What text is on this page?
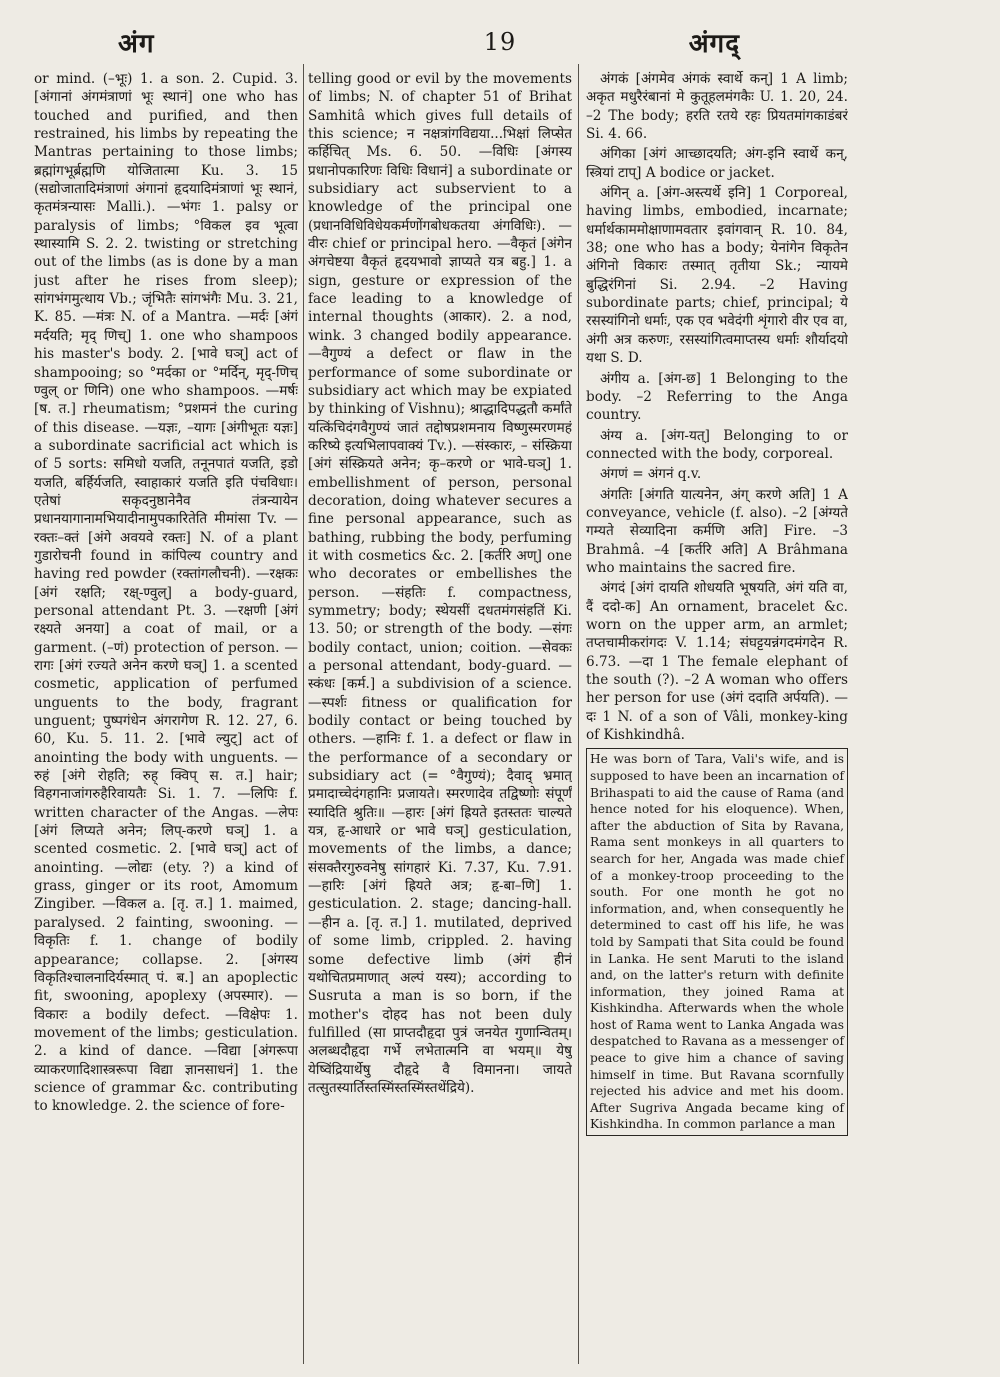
अंग	19	अंगद्

or mind. (–भूः) 1. a son. 2. Cupid. 3. [अंगानां अंगमंत्राणां भूः स्थानं] one who has touched and purified, and then restrained, his limbs by repeating the Mantras pertaining to those limbs; ब्रह्मांगभूर्ब्रह्मणि योजितात्मा Ku. 3. 15 (सद्योजातादिमंत्राणां अंगानां हृदयादिमंत्राणां भूः स्थानं, कृतमंत्रन्यासः Malli.). —भंगः 1. palsy or paralysis of limbs; °विकल इव भूत्वा स्थास्यामि S. 2. 2. twisting or stretching out of the limbs (as is done by a man just after he rises from sleep); सांगभंगमुत्थाय Vb.; जृंभितैः सांगभंगैः Mu. 3. 21, K. 85. —मंत्रः N. of a Mantra. —मर्दः [अंगं मर्दयति; मृद् णिच्] 1. one who shampoos his master's body. 2. [भावे घञ्] act of shampooing; so °मर्दका or °मर्दिन्, मृद्-णिच् ण्वुल् or णिनि) one who shampoos. —मर्षः [ष. त.] rheumatism; °प्रशमनं the curing of this disease. —यज्ञः, –यागः [अंगीभूतः यज्ञः] a subordinate sacrificial act which is of 5 sorts: समिधो यजति, तनूनपातं यजति, इडो यजति, बर्हिर्यजति, स्वाहाकारं यजति इति पंचविधाः। एतेषां सकृदनुष्ठानेनैव तंत्रन्यायेन प्रधानयागानामभियादीनामुपकारितेति मीमांसा Tv. —रक्तः–क्तं [अंगे अवयवे रक्तः] N. of a plant गुडारोचनी found in कांपिल्य country and having red powder (रक्तांगलौचनी). —रक्षकः [अंगं रक्षति; रक्ष्-ण्वुल्] a body-guard, personal attendant Pt. 3. —रक्षणी [अंगं रक्ष्यते अनया] a coat of mail, or a garment. (–णं) protection of person. —रागः [अंगं रज्यते अनेन करणे घञ्] 1. a scented cosmetic, application of perfumed unguents to the body, fragrant unguent; पुष्पगंधेन अंगरागेण R. 12. 27, 6. 60, Ku. 5. 11. 2. [भावे ल्युट्] act of anointing the body with unguents. —रुहं [अंगे रोहति; रुह् क्विप् स. त.] hair; विहगनाजांगरुहैरिवायतैः Si. 1. 7. —लिपिः f. written character of the Angas. —लेपः [अंगं लिप्यते अनेन; लिप्-करणे घञ्] 1. a scented cosmetic. 2. [भावे घञ्] act of anointing. —लोद्यः (ety. ?) a kind of grass, ginger or its root, Amomum Zingiber. —विकल a. [तृ. त.] 1. maimed, paralysed. 2 fainting, swooning. —विकृतिः f. 1. change of bodily appearance; collapse. 2. [अंगस्य विकृतिश्चालनादिर्यस्मात् पं. ब.] an apoplectic fit, swooning, apoplexy (अपस्मार). —विकारः a bodily defect. —विक्षेपः 1. movement of the limbs; gesticulation. 2. a kind of dance. —विद्या [अंगरूपा व्याकरणादिशास्त्ररूपा विद्या ज्ञानसाधनं] 1. the science of grammar &c. contributing to knowledge. 2. the science of fore-

telling good or evil by the movements of limbs; N. of chapter 51 of Brihat Samhitâ which gives full details of this science; न नक्षत्रांगविद्यया...भिक्षां लिप्सेत कर्हिचित् Ms. 6. 50. —विधिः [अंगस्य प्रधानोपकारिणः विधिः विधानं] a subordinate or subsidiary act subservient to a knowledge of the principal one (प्रधानविधिविधेयकर्मणोंगबोधकतया अंगविधिः). —वीरः chief or principal hero. —वैकृतं [अंगेन अंगचेष्टया वैकृतं हृदयभावो ज्ञाप्यते यत्र बहु.] 1. a sign, gesture or expression of the face leading to a knowledge of internal thoughts (आकार). 2. a nod, wink. 3 changed bodily appearance. —वैगुण्यं a defect or flaw in the performance of some subordinate or subsidiary act which may be expiated by thinking of Vishnu); श्राद्धादिपद्धतौ कर्मांते यत्किंचिदंगवैगुण्यं जातं तद्दोषप्रशमनाय विष्णुस्मरणमहं करिष्ये इत्यभिलापवाक्यं Tv.). —संस्कारः, – संस्क्रिया [अंगं संस्क्रियते अनेन; कृ–करणे or भावे-घञ्] 1. embellishment of person, personal decoration, doing whatever secures a fine personal appearance, such as bathing, rubbing the body, perfuming it with cosmetics &c. 2. [कर्तरि अण्] one who decorates or embellishes the person. —संहतिः f. compactness, symmetry; body; स्थेयसीं दधतमंगसंहतिं Ki. 13. 50; or strength of the body. —संगः bodily contact, union; coition. —सेवकः a personal attendant, body-guard. —स्कंधः [कर्म.] a subdivision of a science. —स्पर्शः fitness or qualification for bodily contact or being touched by others. —हानिः f. 1. a defect or flaw in the performance of a secondary or subsidiary act (= °वैगुण्यं); दैवाद् भ्रमात् प्रमादाच्चेदंगहानिः प्रजायते। स्मरणादेव तद्विष्णोः संपूर्णं स्यादिति श्रुतिः॥ —हारः [अंगं ह्रियते इतस्ततः चाल्यते यत्र, हृ-आधारे or भावे घञ्] gesticulation, movements of the limbs, a dance; संसक्तैरगुरुवनेषु सांगहारं Ki. 7.37, Ku. 7.91. —हारिः [अंगं ह्रियते अत्र; हृ-बा–णि] 1. gesticulation. 2. stage; dancing-hall. —हीन a. [तृ. त.] 1. mutilated, deprived of some limb, crippled. 2. having some defective limb (अंगं हीनं यथोचितप्रमाणात् अल्पं यस्य); according to Susruta a man is so born, if the mother's दोहद has not been duly fulfilled (सा प्राप्तदौहृदा पुत्रं जनयेत गुणान्वितम्। अलब्धदौहृदा गर्भे लभेतात्मनि वा भयम्॥ येषु येष्विंद्रियार्थेषु दौहृदे वै विमानना। जायते तत्सुतस्यार्तिस्तस्मिंस्तस्मिंस्तथेंद्रिये).

अंगकं [अंगमेव अंगकं स्वार्थे कन्] 1 A limb; अकृत मधुरैरंबानां मे कुतूहलमंगकैः U. 1. 20, 24. –2 The body; हरति रतये रहः प्रियतमांगकाडंबरं Si. 4. 66.

अंगिका [अंगं आच्छादयति; अंग-इनि स्वार्थे कन्, स्त्रियां टाप्] A bodice or jacket.

अंगिन् a. [अंग-अस्त्यर्थे इनि] 1 Corporeal, having limbs, embodied, incarnate; धर्मार्थकाममोक्षाणामवतार इवांगवान् R. 10. 84, 38; one who has a body; येनांगेन विकृतेन अंगिनो विकारः तस्मात् तृतीया Sk.; न्यायमे बुद्धिरंगिनां Si. 2.94. –2 Having subordinate parts; chief, principal; ये रसस्यांगिनो धर्माः, एक एव भवेदंगी शृंगारो वीर एव वा, अंगी अत्र करुणः, रसस्यांगित्वमाप्तस्य धर्माः शौर्यादयो यथा S. D.

अंगीय a. [अंग-छ] 1 Belonging to the body. –2 Referring to the Anga country.

अंग्य a. [अंग-यत्] Belonging to or connected with the body, corporeal.

अंगणं = अंगनं q.v.

अंगतिः [अंगति यात्यनेन, अंग् करणे अति] 1 A conveyance, vehicle (f. also). –2 [अंग्यते गम्यते सेव्यादिना कर्मणि अति] Fire. –3 Brahmâ. –4 [कर्तरि अति] A Brâhmana who maintains the sacred fire.

अंगदं [अंगं दायति शोधयति भूषयति, अंगं यति वा, दैं ददो-क] An ornament, bracelet &c. worn on the upper arm, an armlet; तप्तचामीकरांगदः V. 1.14; संघट्टयन्नंगदमंगदेन R. 6.73. —दा 1 The female elephant of the south (?). –2 A woman who offers her person for use (अंगं ददाति अर्पयति). —दः 1 N. of a son of Vâli, monkey-king of Kishkindhâ.

He was born of Tara, Vali's wife, and is supposed to have been an incarnation of Brihaspati to aid the cause of Rama (and hence noted for his eloquence). When, after the abduction of Sita by Ravana, Rama sent monkeys in all quarters to search for her, Angada was made chief of a monkey-troop proceeding to the south. For one month he got no information, and, when consequently he determined to cast off his life, he was told by Sampati that Sita could be found in Lanka. He sent Maruti to the island and, on the latter's return with definite information, they joined Rama at Kishkindha. Afterwards when the whole host of Rama went to Lanka Angada was despatched to Ravana as a messenger of peace to give him a chance of saving himself in time. But Ravana scornfully rejected his advice and met his doom. After Sugriva Angada became king of Kishkindha. In common parlance a man
